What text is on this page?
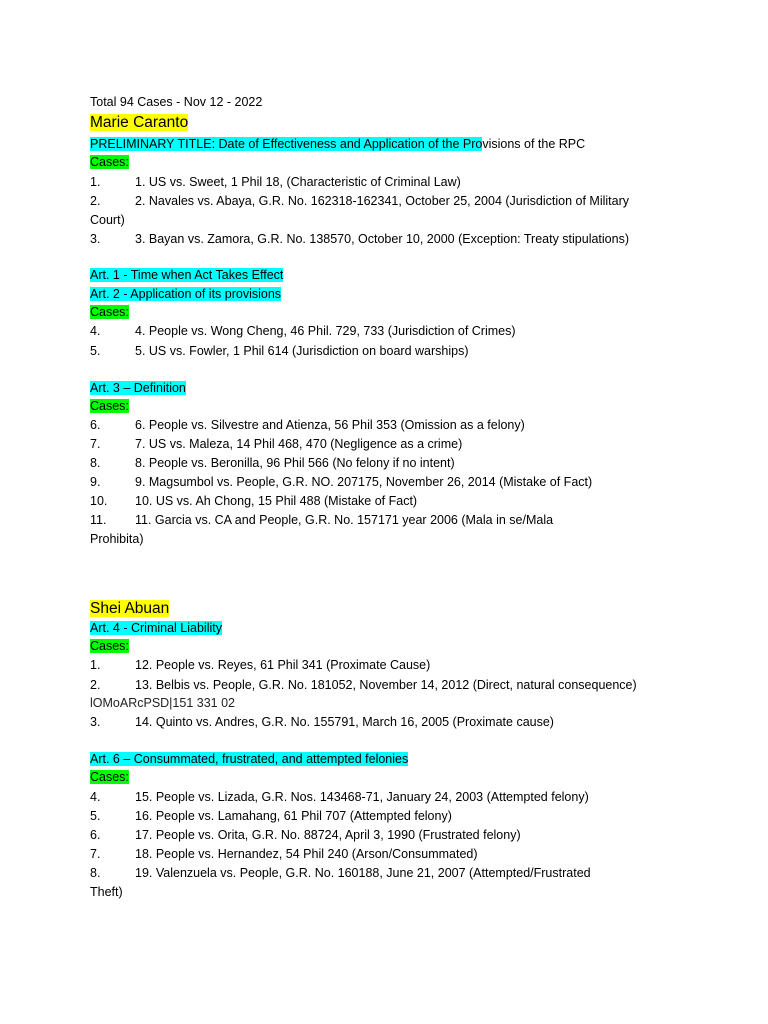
Total 94 Cases - Nov 12 - 2022
Marie Caranto
PRELIMINARY TITLE: Date of Effectiveness and Application of the Provisions of the RPC
Cases:
1.	1. US vs. Sweet, 1 Phil 18, (Characteristic of Criminal Law)
2.	2. Navales vs. Abaya, G.R. No. 162318-162341, October 25, 2004 (Jurisdiction of Military
Court)
3.	3. Bayan vs. Zamora, G.R. No. 138570, October 10, 2000 (Exception: Treaty stipulations)
Art. 1 - Time when Act Takes Effect
Art. 2 - Application of its provisions
Cases:
4.	4. People vs. Wong Cheng, 46 Phil. 729, 733 (Jurisdiction of Crimes)
5.	5. US vs. Fowler, 1 Phil 614 (Jurisdiction on board warships)
Art. 3 – Definition
Cases:
6.	6. People vs. Silvestre and Atienza, 56 Phil 353 (Omission as a felony)
7.	7. US vs. Maleza, 14 Phil 468, 470 (Negligence as a crime)
8.	8. People vs. Beronilla, 96 Phil 566 (No felony if no intent)
9.	9. Magsumbol vs. People, G.R. NO. 207175, November 26, 2014 (Mistake of Fact)
10. 10. US vs. Ah Chong, 15 Phil 488 (Mistake of Fact)
11. 11. Garcia vs. CA and People, G.R. No. 157171 year 2006 (Mala in se/Mala
Prohibita)
Shei Abuan
Art. 4 - Criminal Liability
Cases:
1.	12. People vs. Reyes, 61 Phil 341 (Proximate Cause)
2.	13. Belbis vs. People, G.R. No. 181052, November 14, 2012 (Direct, natural consequence)
lOMoARcPSD|151 331 02
3.	14. Quinto vs. Andres, G.R. No. 155791, March 16, 2005 (Proximate cause)
Art. 6 – Consummated, frustrated, and attempted felonies
Cases:
4.	15. People vs. Lizada, G.R. Nos. 143468-71, January 24, 2003 (Attempted felony)
5.	16. People vs. Lamahang, 61 Phil 707 (Attempted felony)
6.	17. People vs. Orita, G.R. No. 88724, April 3, 1990 (Frustrated felony)
7.	18. People vs. Hernandez, 54 Phil 240 (Arson/Consummated)
8.	19. Valenzuela vs. People, G.R. No. 160188, June 21, 2007 (Attempted/Frustrated
Theft)
